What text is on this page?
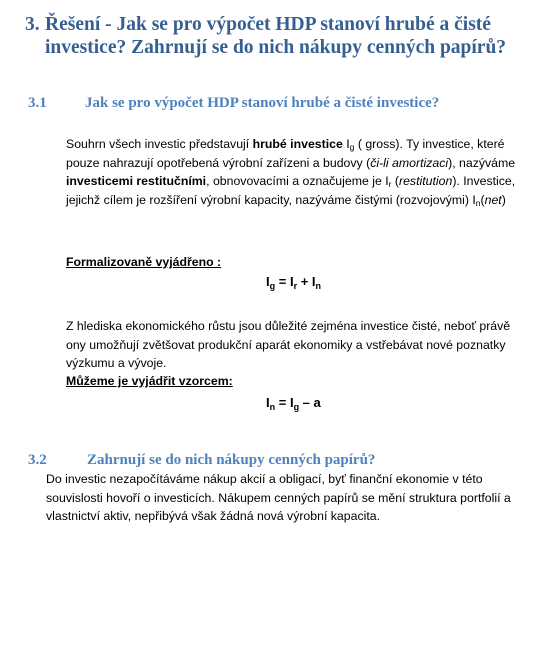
3. Řešení - Jak se pro výpočet HDP stanoví hrubé a čisté
investice? Zahrnují se do nich nákupy cenných papírů?
3.1	Jak se pro výpočet HDP stanoví hrubé a čisté investice?
Souhrn všech investic představují hrubé investice $I_g$ ( gross). Ty investice, které pouze nahrazují opotřebená výrobní zařízeni a budovy (či-li amortizaci), nazýváme investicemi restitučními, obnovovacími a označujeme je $I_r$ (restitution). Investice, jejichž cílem je rozšíření výrobní kapacity, nazýváme čistými (rozvojovými) $I_n(net)$
Formalizovaně vyjádřeno :
$I_g = I_r + I_n$
Z hlediska ekonomického růstu jsou důležité zejména investice čisté, neboť právě ony umožňují zvětšovat produkční aparát ekonomiky a vstřebávat nové poznatky výzkumu a vývoje.
Můžeme je vyjádřit vzorcem:
$I_n = I_g - a$
3.2	Zahrnují se do nich nákupy cenných papírů?
Do investic nezapočítáváme nákup akcií a obligací, byť finanční ekonomie v této souvislosti hovoří o investicích. Nákupem cenných papírů se mění struktura portfolií a vlastnictví aktiv, nepřibývá však žádná nová výrobní kapacita.
